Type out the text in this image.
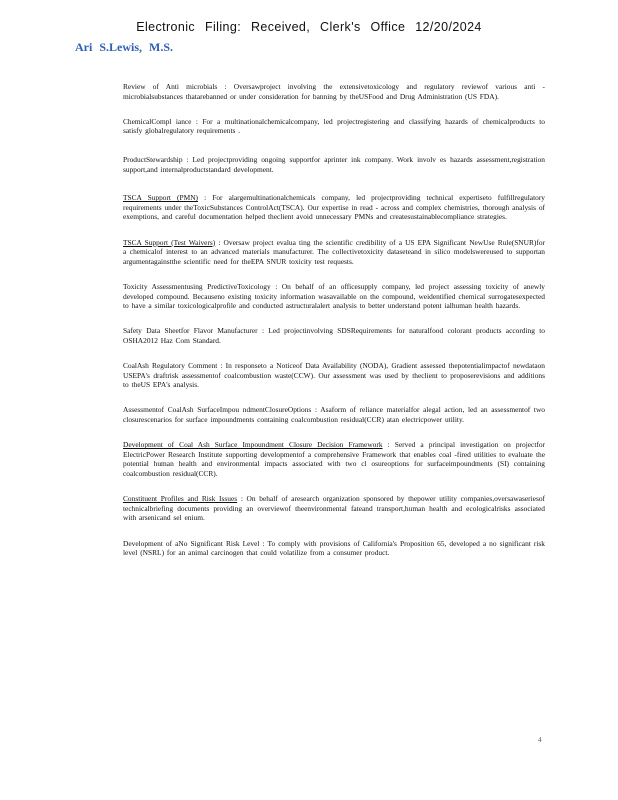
Electronic Filing: Received, Clerk's Office 12/20/2024
Ari S.Lewis, M.S.

Review of Anti microbials : Oversawproject involving the extensivetoxicology and regulatory reviewof various anti - microbialsubstances thatarebanned or under consideration for banning by theUSFood and Drug Administration (US FDA).

ChemicalCompl iance : For a multinationalchemicalcompany, led projectregistering and classifying hazards of chemicalproducts to satisfy globalregulatory requirements .

ProductStewardship : Led projectproviding ongoing supportfor aprinter ink company. Work involv es hazards assessment,registration support,and internalproductstandard development.

TSCA Support (PMN) : For alargemultinationalchemicals company, led projectproviding technical expertiseto fulfillregulatory requirements under theToxicSubstances ControlAct(TSCA). Our expertise in read - across and complex chemistries, thorough analysis of exemptions, and careful documentation helped theclient avoid unnecessary PMNs and createsustainablecompliance strategies.

TSCA Support (Test Waivers) : Oversaw project evalua ting the scientific credibility of a US EPA Significant NewUse Rule(SNUR)for a chemicalof interest to an advanced materials manufacturer. The collectivetoxicity dataseteand in silico modelswereused to supportan argumentagainstthe scientific need for theEPA SNUR toxicity test requests.

Toxicity Assessmentusing PredictiveToxicology : On behalf of an officesupply company, led project assessing toxicity of anewly developed compound. Becauseno existing toxicity information wasavailable on the compound, weidentified chemical surrogatesexpected to have a similar toxicologicalprofile and conducted astructuralalert analysis to better understand potent ialhuman health hazards.

Safety Data Sheetfor Flavor Manufacturer : Led projectinvolving SDSRequirements for naturalfood colorant products according to OSHA2012 Haz Com Standard.

CoalAsh Regulatory Comment : In responseto a Noticeof Data Availability (NODA), Gradient assessed thepotentialimpactof newdataon USEPA's draftrisk assessmentof coalcombustion waste(CCW). Our assessment was used by theclient to proposerevisions and additions to theUS EPA's analysis.

Assessmentof CoalAsh SurfaceImpou ndmentClosureOptions : Asaform of reliance materialfor alegal action, led an assessmentof two closurescenarios for surface impoundments containing coalcombustion residual(CCR) atan electricpower utility.

Development of Coal Ash Surface Impoundment Closure Decision Framework : Served a principal investigation on projectfor ElectricPower Research Institute supporting developmentof a comprehensive Framework that enables coal -fired utilities to evaluate the potential human health and environmental impacts associated with two cl osureoptions for surfaceimpoundments (SI) containing coalcombustion residual(CCR).

Constituent Profiles and Risk Issues : On behalf of aresearch organization sponsored by thepower utility companies,oversawaseriesof technicalbriefing documents providing an overviewof theenvironmental fateand transport,human health and ecologicalrisks associated with arsenicand sel enium.

Development of aNo Significant Risk Level : To comply with provisions of California's Proposition 65, developed a no significant risk level (NSRL) for an animal carcinogen that could volatilize from a consumer product.

4
